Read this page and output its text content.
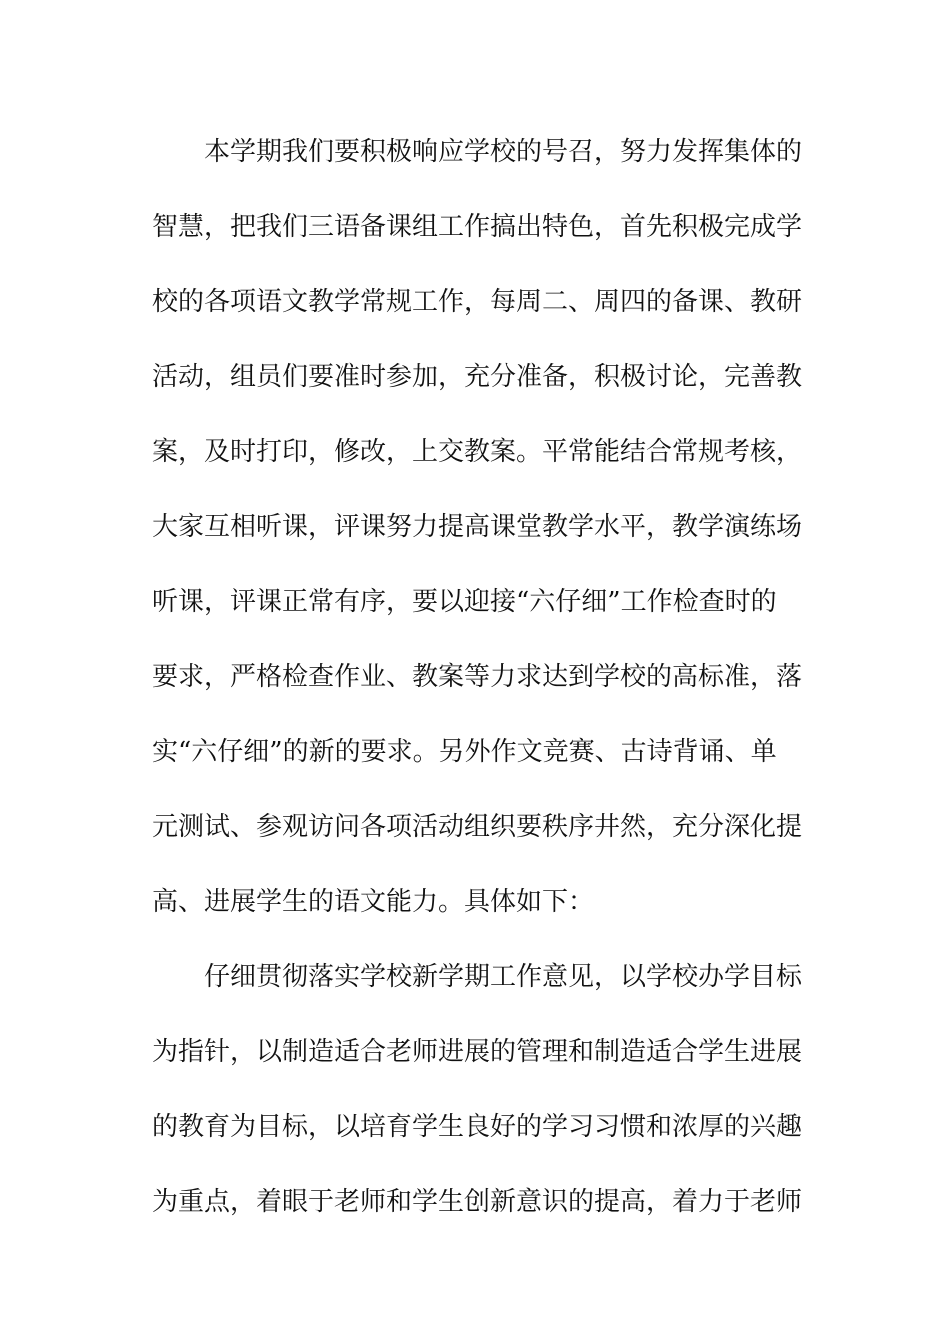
本学期我们要积极响应学校的号召，努力发挥集体的
智慧，把我们三语备课组工作搞出特色，首先积极完成学
校的各项语文教学常规工作，每周二、周四的备课、教研
活动，组员们要准时参加，充分准备，积极讨论，完善教
案，及时打印，修改，上交教案。平常能结合常规考核，
大家互相听课，评课努力提高课堂教学水平，教学演练场
听课，评课正常有序，要以迎接“六仔细”工作检查时的
要求，严格检查作业、教案等力求达到学校的高标准，落
实“六仔细”的新的要求。另外作文竞赛、古诗背诵、单
元测试、参观访问各项活动组织要秩序井然，充分深化提
高、进展学生的语文能力。具体如下：
仔细贯彻落实学校新学期工作意见，以学校办学目标
为指针，以制造适合老师进展的管理和制造适合学生进展
的教育为目标，以培育学生良好的学习习惯和浓厚的兴趣
为重点，着眼于老师和学生创新意识的提高，着力于老师
